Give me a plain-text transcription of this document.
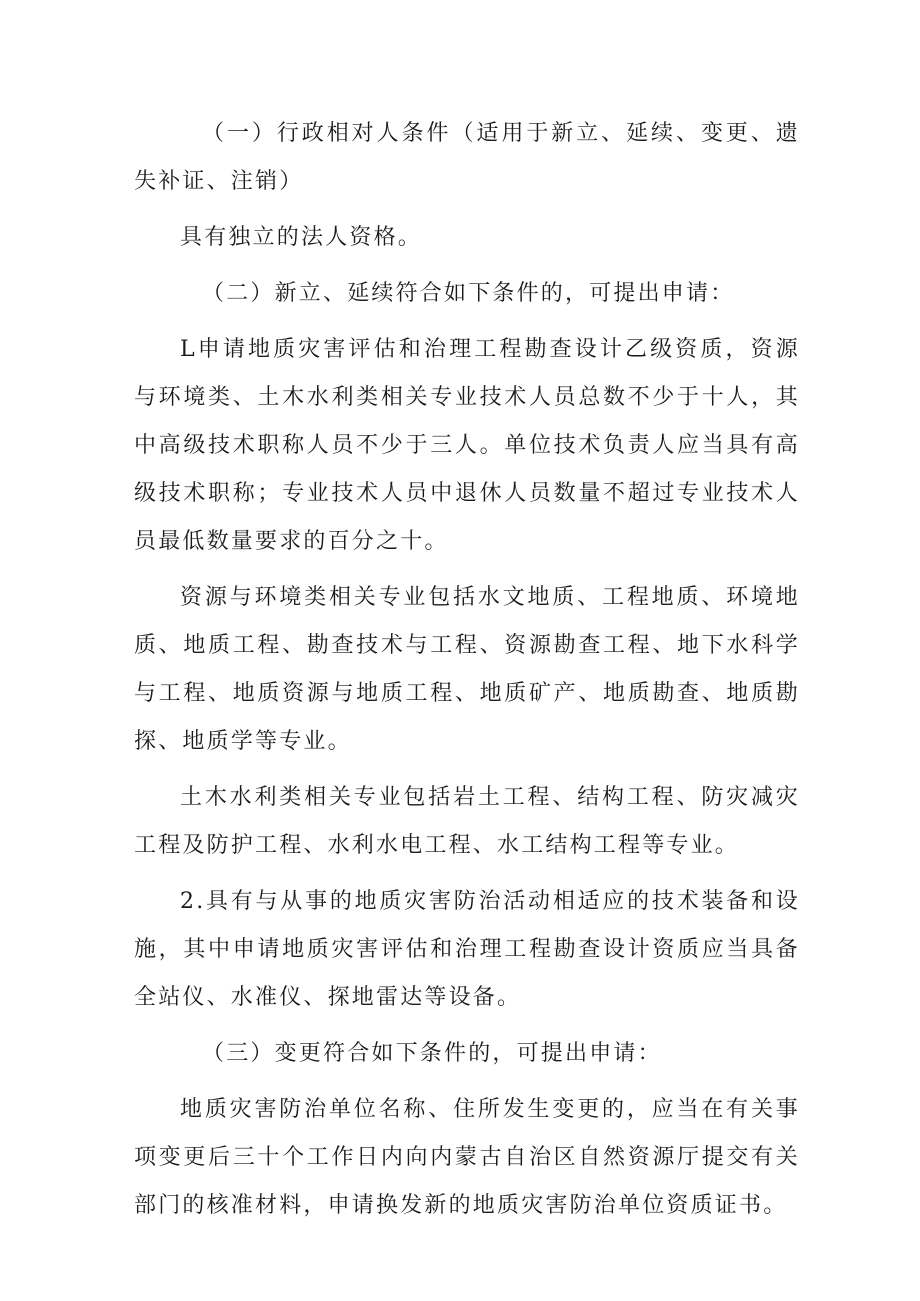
（一）行政相对人条件（适用于新立、延续、变更、遗失补证、注销）

具有独立的法人资格。

（二）新立、延续符合如下条件的，可提出申请：

L申请地质灾害评估和治理工程勘查设计乙级资质，资源与环境类、土木水利类相关专业技术人员总数不少于十人，其中高级技术职称人员不少于三人。单位技术负责人应当具有高级技术职称；专业技术人员中退休人员数量不超过专业技术人员最低数量要求的百分之十。

资源与环境类相关专业包括水文地质、工程地质、环境地质、地质工程、勘查技术与工程、资源勘查工程、地下水科学与工程、地质资源与地质工程、地质矿产、地质勘查、地质勘探、地质学等专业。

土木水利类相关专业包括岩土工程、结构工程、防灾减灾工程及防护工程、水利水电工程、水工结构工程等专业。

2.具有与从事的地质灾害防治活动相适应的技术装备和设施，其中申请地质灾害评估和治理工程勘查设计资质应当具备全站仪、水准仪、探地雷达等设备。

（三）变更符合如下条件的，可提出申请：

地质灾害防治单位名称、住所发生变更的，应当在有关事项变更后三十个工作日内向内蒙古自治区自然资源厅提交有关部门的核准材料，申请换发新的地质灾害防治单位资质证书。
